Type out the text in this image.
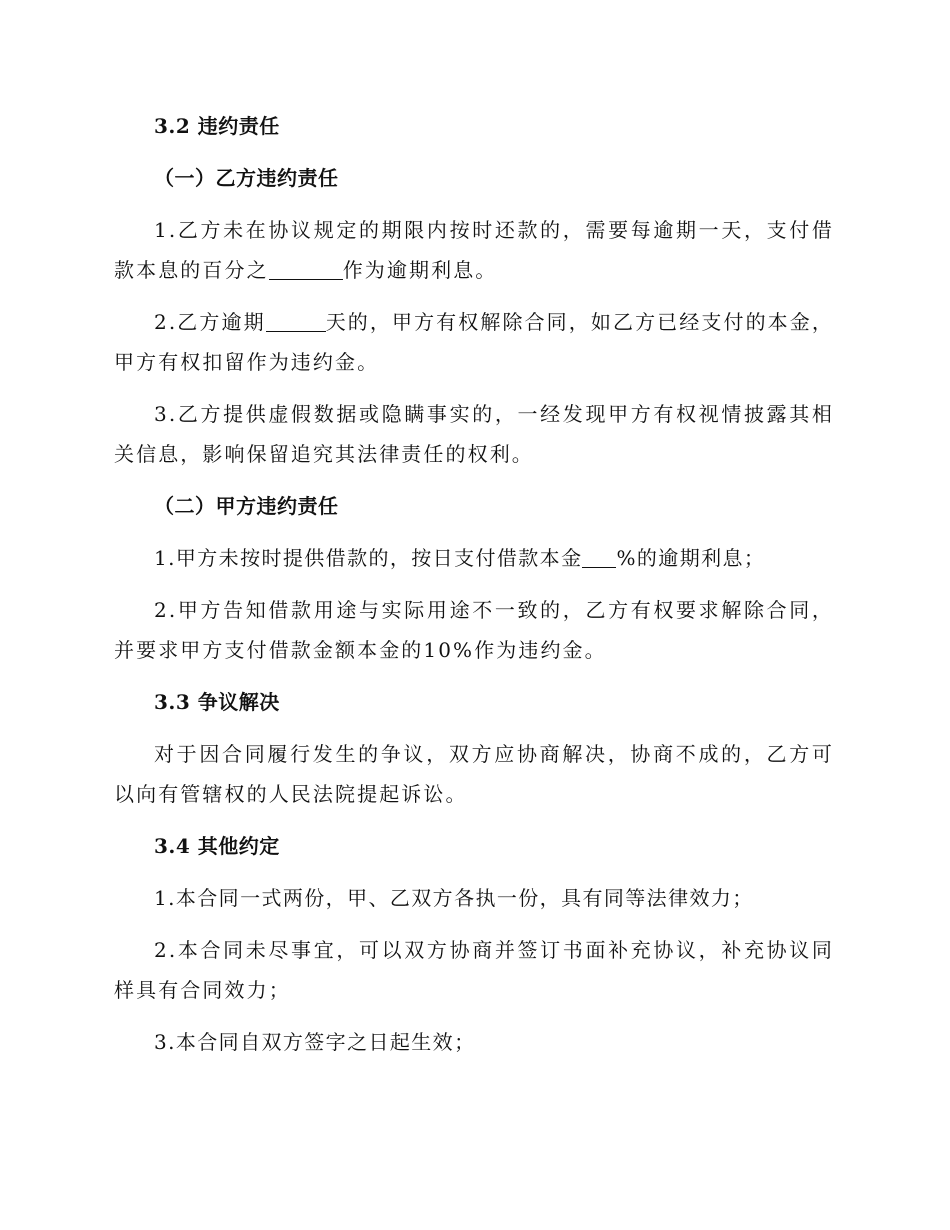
3.2 违约责任
（一）乙方违约责任

1.乙方未在协议规定的期限内按时还款的，需要每逾期一天，支付借款本息的百分之	作为逾期利息。

2.乙方逾期	天的，甲方有权解除合同，如乙方已经支付的本金，甲方有权扣留作为违约金。

3.乙方提供虚假数据或隐瞒事实的，一经发现甲方有权视情披露其相关信息，影响保留追究其法律责任的权利。

（二）甲方违约责任

1.甲方未按时提供借款的，按日支付借款本金 %的逾期利息；

2.甲方告知借款用途与实际用途不一致的，乙方有权要求解除合同，并要求甲方支付借款金额本金的10%作为违约金。

3.3 争议解决

对于因合同履行发生的争议，双方应协商解决，协商不成的，乙方可以向有管辖权的人民法院提起诉讼。

3.4 其他约定

1.本合同一式两份，甲、乙双方各执一份，具有同等法律效力；

2.本合同未尽事宜，可以双方协商并签订书面补充协议，补充协议同样具有合同效力；

3.本合同自双方签字之日起生效；
